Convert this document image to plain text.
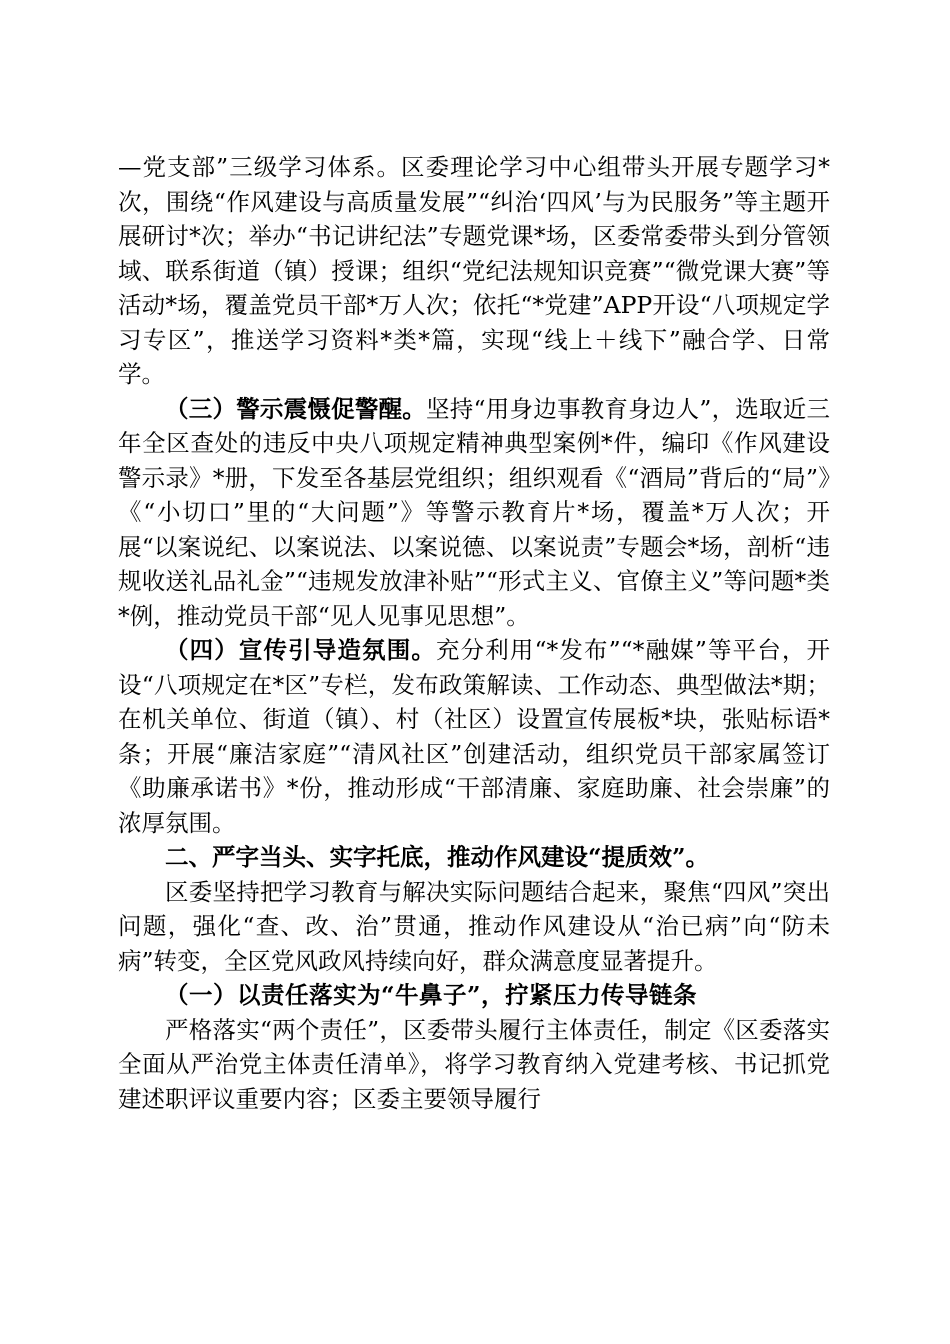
—党支部”三级学习体系。区委理论学习中心组带头开展专题学习*次，围绕“作风建设与高质量发展”“纠治‘四风’与为民服务”等主题开展研讨*次；举办“书记讲纪法”专题党课*场，区委常委带头到分管领域、联系街道（镇）授课；组织“党纪法规知识竞赛”“微党课大赛”等活动*场，覆盖党员干部*万人次；依托“*党建”APP开设“八项规定学习专区”，推送学习资料*类*篇，实现“线上＋线下”融合学、日常学。

（三）警示震慑促警醒。坚持“用身边事教育身边人”，选取近三年全区查处的违反中央八项规定精神典型案例*件，编印《作风建设警示录》*册，下发至各基层党组织；组织观看《“酒局”背后的“局”》《“小切口”里的“大问题”》等警示教育片*场，覆盖*万人次；开展“以案说纪、以案说法、以案说德、以案说责”专题会*场，剖析“违规收送礼品礼金”“违规发放津补贴”“形式主义、官僚主义”等问题*类*例，推动党员干部“见人见事见思想”。

（四）宣传引导造氛围。充分利用“*发布”“*融媒”等平台，开设“八项规定在*区”专栏，发布政策解读、工作动态、典型做法*期；在机关单位、街道（镇）、村（社区）设置宣传展板*块，张贴标语*条；开展“廉洁家庭”“清风社区”创建活动，组织党员干部家属签订《助廉承诺书》*份，推动形成“干部清廉、家庭助廉、社会崇廉”的浓厚氛围。

二、严字当头、实字托底，推动作风建设“提质效”。

区委坚持把学习教育与解决实际问题结合起来，聚焦“四风”突出问题，强化“查、改、治”贯通，推动作风建设从“治已病”向“防未病”转变，全区党风政风持续向好，群众满意度显著提升。

（一）以责任落实为“牛鼻子”，拧紧压力传导链条

严格落实“两个责任”，区委带头履行主体责任，制定《区委落实全面从严治党主体责任清单》，将学习教育纳入党建考核、书记抓党建述职评议重要内容；区委主要领导履行
